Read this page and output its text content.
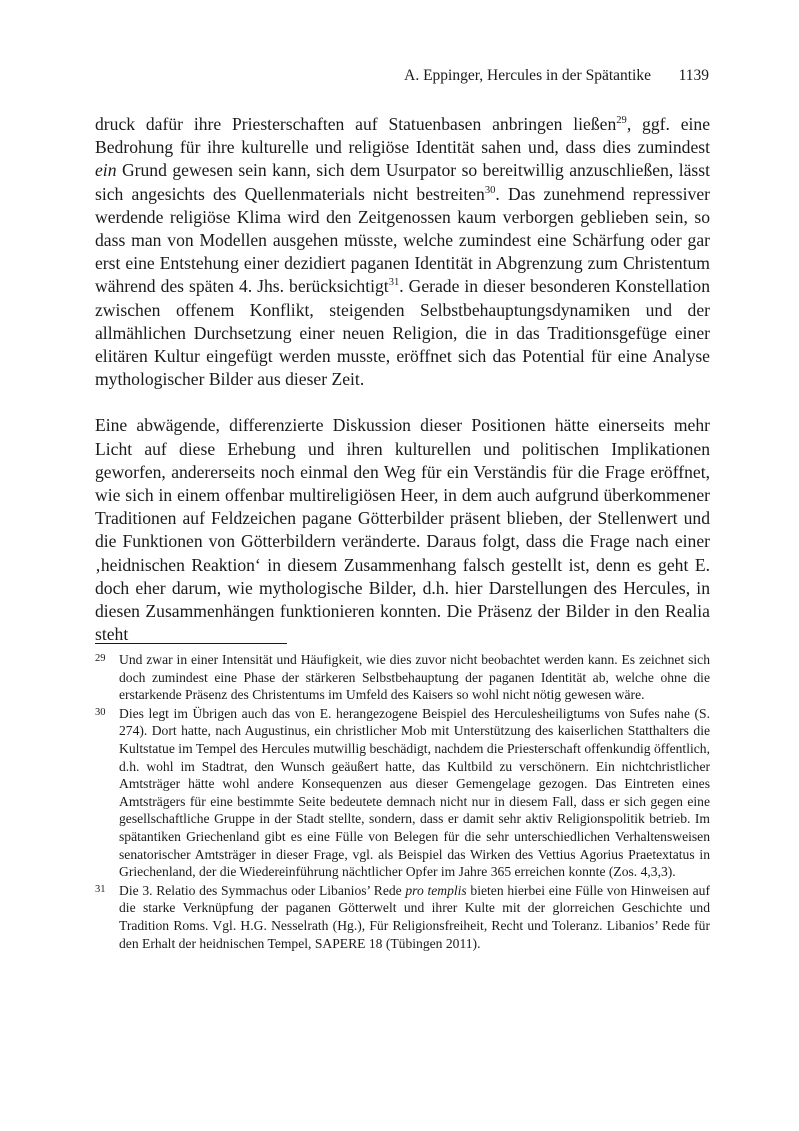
A. Eppinger, Hercules in der Spätantike 1139

druck dafür ihre Priesterschaften auf Statuenbasen anbringen ließen$^{29}$, ggf. eine Bedrohung für ihre kulturelle und religiöse Identität sahen und, dass dies zumindest ein Grund gewesen sein kann, sich dem Usurpator so bereitwillig anzuschließen, lässt sich angesichts des Quellenmaterials nicht bestreiten$^{30}$. Das zunehmend repressiver werdende religiöse Klima wird den Zeitgenossen kaum verborgen geblieben sein, so dass man von Modellen ausgehen müsste, welche zumindest eine Schärfung oder gar erst eine Entstehung einer dezidiert paganen Identität in Abgrenzung zum Christentum während des späten 4. Jhs. berücksichtigt$^{31}$. Gerade in dieser besonderen Konstellation zwischen offenem Konflikt, steigenden Selbstbehauptungsdynamiken und der allmählichen Durchsetzung einer neuen Religion, die in das Traditionsgefüge einer elitären Kultur eingefügt werden musste, eröffnet sich das Potential für eine Analyse mythologischer Bilder aus dieser Zeit.

Eine abwägende, differenzierte Diskussion dieser Positionen hätte einerseits mehr Licht auf diese Erhebung und ihren kulturellen und politischen Implikationen geworfen, andererseits noch einmal den Weg für ein Verständis für die Frage eröffnet, wie sich in einem offenbar multireligiösen Heer, in dem auch aufgrund überkommener Traditionen auf Feldzeichen pagane Götterbilder präsent blieben, der Stellenwert und die Funktionen von Götterbildern veränderte. Daraus folgt, dass die Frage nach einer ‚heidnischen Reaktion‘ in diesem Zusammenhang falsch gestellt ist, denn es geht E. doch eher darum, wie mythologische Bilder, d.h. hier Darstellungen des Hercules, in diesen Zusammenhängen funktionieren konnten. Die Präsenz der Bilder in den Realia steht

29 Und zwar in einer Intensität und Häufigkeit, wie dies zuvor nicht beobachtet werden kann. Es zeichnet sich doch zumindest eine Phase der stärkeren Selbstbehauptung der paganen Identität ab, welche ohne die erstarkende Präsenz des Christentums im Umfeld des Kaisers so wohl nicht nötig gewesen wäre.
30 Dies legt im Übrigen auch das von E. herangezogene Beispiel des Herculesheiligtums von Sufes nahe (S. 274). Dort hatte, nach Augustinus, ein christlicher Mob mit Unterstützung des kaiserlichen Statthalters die Kultstatue im Tempel des Hercules mutwillig beschädigt, nachdem die Priesterschaft offenkundig öffentlich, d.h. wohl im Stadtrat, den Wunsch geäußert hatte, das Kultbild zu verschönern. Ein nichtchristlicher Amtsträger hätte wohl andere Konsequenzen aus dieser Gemengelage gezogen. Das Eintreten eines Amtsträgers für eine bestimmte Seite bedeutete demnach nicht nur in diesem Fall, dass er sich gegen eine gesellschaftliche Gruppe in der Stadt stellte, sondern, dass er damit sehr aktiv Religionspolitik betrieb. Im spätantiken Griechenland gibt es eine Fülle von Belegen für die sehr unterschiedlichen Verhaltensweisen senatorischer Amtsträger in dieser Frage, vgl. als Beispiel das Wirken des Vettius Agorius Praetextatus in Griechenland, der die Wiedereinführung nächtlicher Opfer im Jahre 365 erreichen konnte (Zos. 4,3,3).
31 Die 3. Relatio des Symmachus oder Libanios’ Rede pro templis bieten hierbei eine Fülle von Hinweisen auf die starke Verknüpfung der paganen Götterwelt und ihrer Kulte mit der glorreichen Geschichte und Tradition Roms. Vgl. H.G. Nesselrath (Hg.), Für Religionsfreiheit, Recht und Toleranz. Libanios’ Rede für den Erhalt der heidnischen Tempel, SAPERE 18 (Tübingen 2011).
